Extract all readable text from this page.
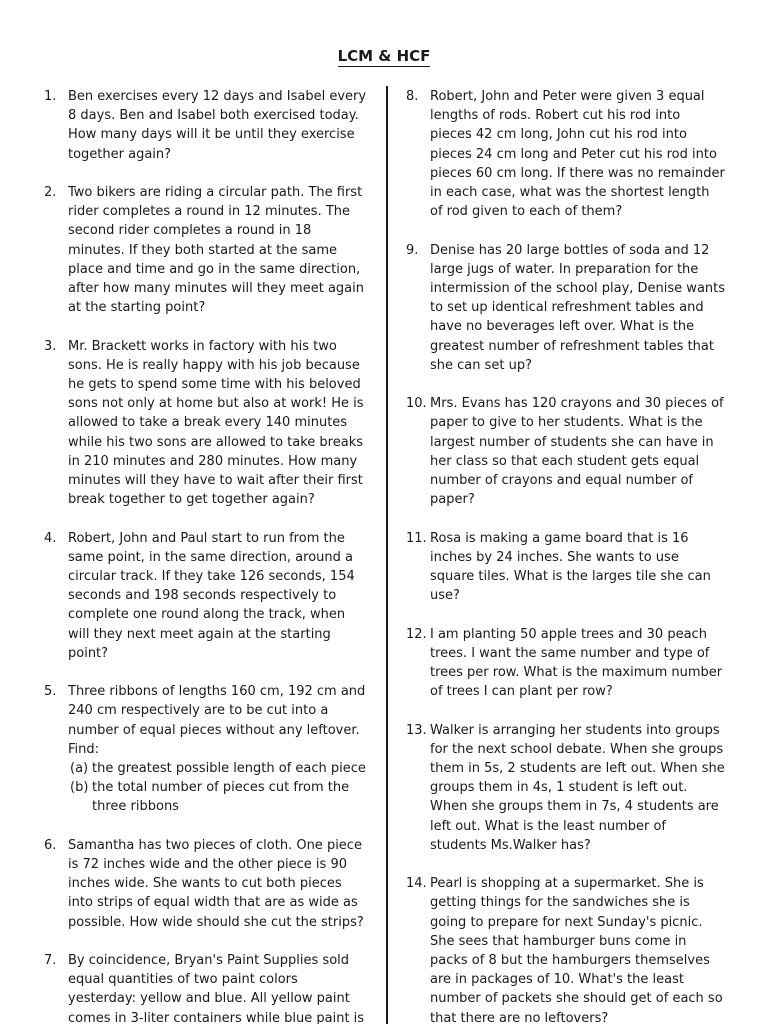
LCM & HCF
1. Ben exercises every 12 days and Isabel every 8 days. Ben and Isabel both exercised today. How many days will it be until they exercise together again?
2. Two bikers are riding a circular path. The first rider completes a round in 12 minutes. The second rider completes a round in 18 minutes. If they both started at the same place and time and go in the same direction, after how many minutes will they meet again at the starting point?
3. Mr. Brackett works in factory with his two sons. He is really happy with his job because he gets to spend some time with his beloved sons not only at home but also at work! He is allowed to take a break every 140 minutes while his two sons are allowed to take breaks in 210 minutes and 280 minutes. How many minutes will they have to wait after their first break together to get together again?
4. Robert, John and Paul start to run from the same point, in the same direction, around a circular track. If they take 126 seconds, 154 seconds and 198 seconds respectively to complete one round along the track, when will they next meet again at the starting point?
5. Three ribbons of lengths 160 cm, 192 cm and 240 cm respectively are to be cut into a number of equal pieces without any leftover. Find:
(a) the greatest possible length of each piece
(b) the total number of pieces cut from the three ribbons
6. Samantha has two pieces of cloth. One piece is 72 inches wide and the other piece is 90 inches wide. She wants to cut both pieces into strips of equal width that are as wide as possible. How wide should she cut the strips?
7. By coincidence, Bryan's Paint Supplies sold equal quantities of two paint colors yesterday: yellow and blue. All yellow paint comes in 3-liter containers while blue paint is
8. Robert, John and Peter were given 3 equal lengths of rods. Robert cut his rod into pieces 42 cm long, John cut his rod into pieces 24 cm long and Peter cut his rod into pieces 60 cm long. If there was no remainder in each case, what was the shortest length of rod given to each of them?
9. Denise has 20 large bottles of soda and 12 large jugs of water. In preparation for the intermission of the school play, Denise wants to set up identical refreshment tables and have no beverages left over. What is the greatest number of refreshment tables that she can set up?
10. Mrs. Evans has 120 crayons and 30 pieces of paper to give to her students. What is the largest number of students she can have in her class so that each student gets equal number of crayons and equal number of paper?
11. Rosa is making a game board that is 16 inches by 24 inches. She wants to use square tiles. What is the larges tile she can use?
12. I am planting 50 apple trees and 30 peach trees. I want the same number and type of trees per row. What is the maximum number of trees I can plant per row?
13. Walker is arranging her students into groups for the next school debate. When she groups them in 5s, 2 students are left out. When she groups them in 4s, 1 student is left out. When she groups them in 7s, 4 students are left out. What is the least number of students Ms.Walker has?
14. Pearl is shopping at a supermarket. She is getting things for the sandwiches she is going to prepare for next Sunday's picnic. She sees that hamburger buns come in packs of 8 but the hamburgers themselves are in packages of 10. What's the least number of packets she should get of each so that there are no leftovers?
